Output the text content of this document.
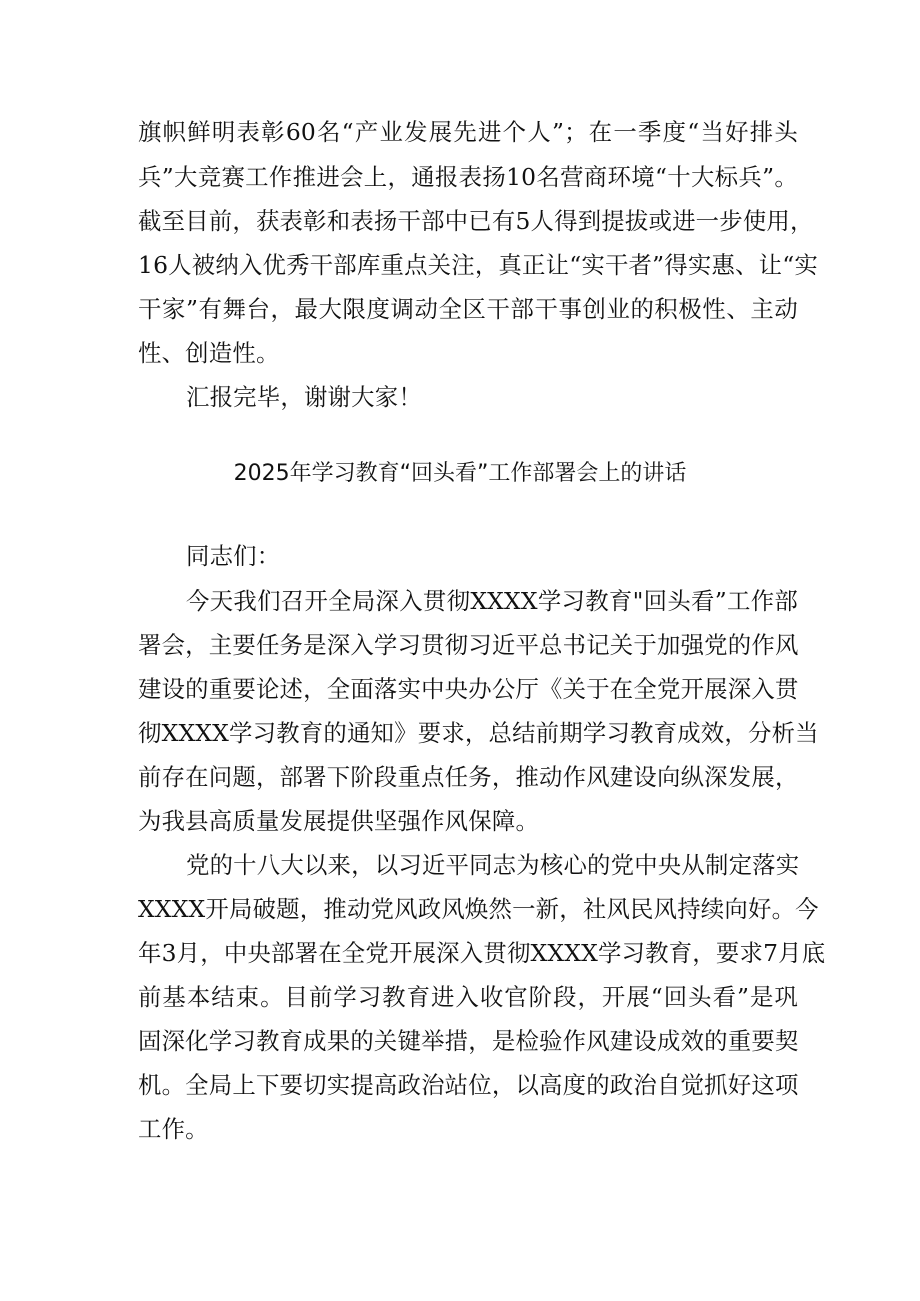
旗帜鲜明表彰60名“产业发展先进个人”；在一季度“当好排头
兵”大竞赛工作推进会上，通报表扬10名营商环境“十大标兵”。
截至目前，获表彰和表扬干部中已有5人得到提拔或进一步使用，
16人被纳入优秀干部库重点关注，真正让“实干者”得实惠、让“实
干家”有舞台，最大限度调动全区干部干事创业的积极性、主动
性、创造性。
汇报完毕，谢谢大家！
2025年学习教育“回头看”工作部署会上的讲话
同志们：
今天我们召开全局深入贯彻XXXX学习教育"回头看”工作部
署会，主要任务是深入学习贯彻习近平总书记关于加强党的作风
建设的重要论述，全面落实中央办公厅《关于在全党开展深入贯
彻XXXX学习教育的通知》要求，总结前期学习教育成效，分析当
前存在问题，部署下阶段重点任务，推动作风建设向纵深发展，
为我县高质量发展提供坚强作风保障。
党的十八大以来，以习近平同志为核心的党中央从制定落实
XXXX开局破题，推动党风政风焕然一新，社风民风持续向好。今
年3月，中央部署在全党开展深入贯彻XXXX学习教育，要求7月底
前基本结束。目前学习教育进入收官阶段，开展“回头看”是巩
固深化学习教育成果的关键举措，是检验作风建设成效的重要契
机。全局上下要切实提高政治站位，以高度的政治自觉抓好这项
工作。
